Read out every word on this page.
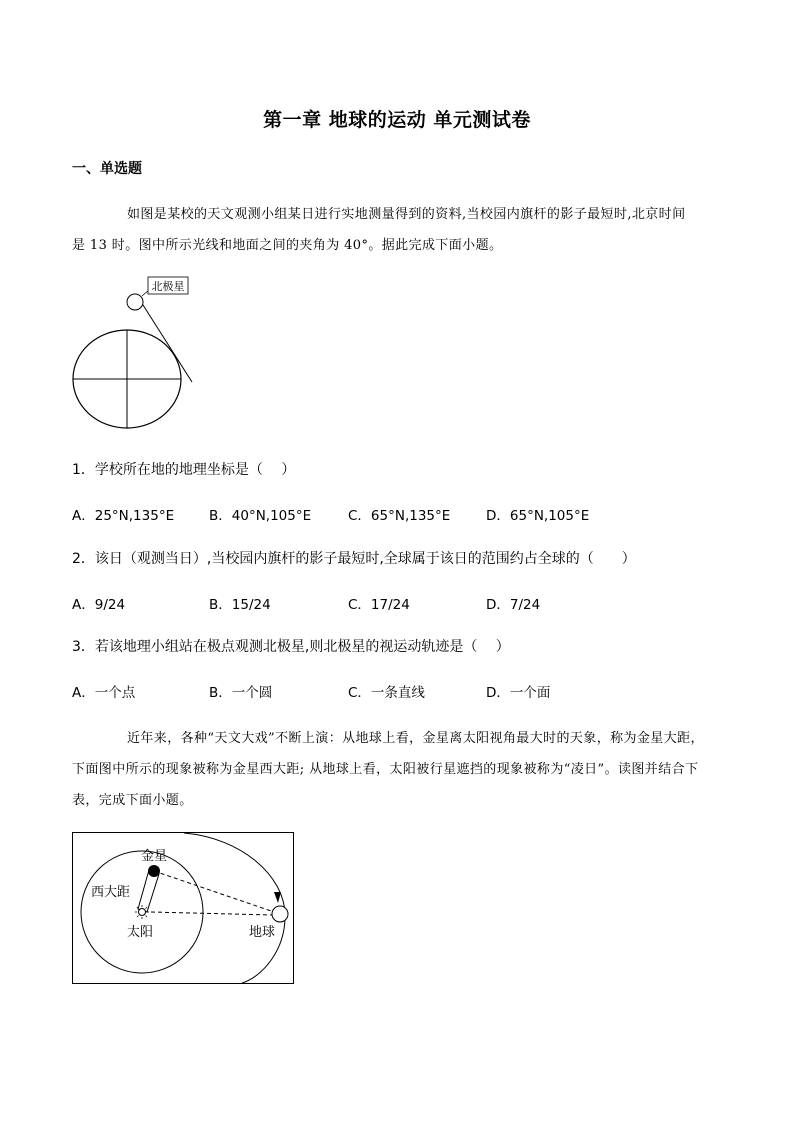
第一章 地球的运动 单元测试卷
一、单选题
如图是某校的天文观测小组某日进行实地测量得到的资料,当校园内旗杆的影子最短时,北京时间
是 13 时。图中所示光线和地面之间的夹角为 40°。据此完成下面小题。
北极星
1．学校所在地的地理坐标是（　 ）
A．25°N,135°E	B．40°N,105°E	C．65°N,135°E	D．65°N,105°E
2．该日（观测当日）,当校园内旗杆的影子最短时,全球属于该日的范围约占全球的（　　）
A．9/24	B．15/24	C．17/24	D．7/24
3．若该地理小组站在极点观测北极星,则北极星的视运动轨迹是（　 ）
A．一个点	B．一个圆	C．一条直线	D．一个面
近年来，各种“天文大戏”不断上演：从地球上看，金星离太阳视角最大时的天象，称为金星大距，
下面图中所示的现象被称为金星西大距; 从地球上看，太阳被行星遮挡的现象被称为“凌日”。读图并结合下
表，完成下面小题。
金星
西大距
太阳	地球
